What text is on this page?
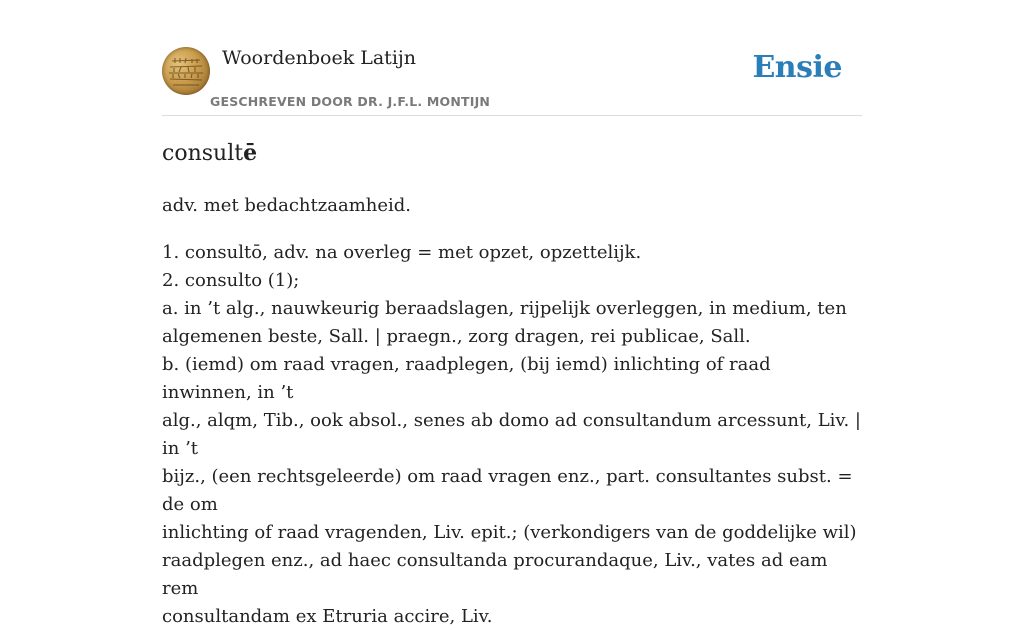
Woordenboek Latijn
GESCHREVEN DOOR DR. J.F.L. MONTIJN
Ensie
consultē

adv. met bedachtzaamheid.

1. consultō, adv. na overleg = met opzet, opzettelijk.

2. consulto (1);

a. in ’t alg., nauwkeurig beraadslagen, rijpelijk overleggen, in medium, ten

algemenen beste, Sall. | praegn., zorg dragen, rei publicae, Sall.

b. (iemd) om raad vragen, raadplegen, (bij iemd) inlichting of raad inwinnen, in ’t

alg., alqm, Tib., ook absol., senes ab domo ad consultandum arcessunt, Liv. | in ’t

bijz., (een rechtsgeleerde) om raad vragen enz., part. consultantes subst. = de om

inlichting of raad vragenden, Liv. epit.; (verkondigers van de goddelijke wil)

raadplegen enz., ad haec consultanda procurandaque, Liv., vates ad eam rem

consultandam ex Etruria accire, Liv.
